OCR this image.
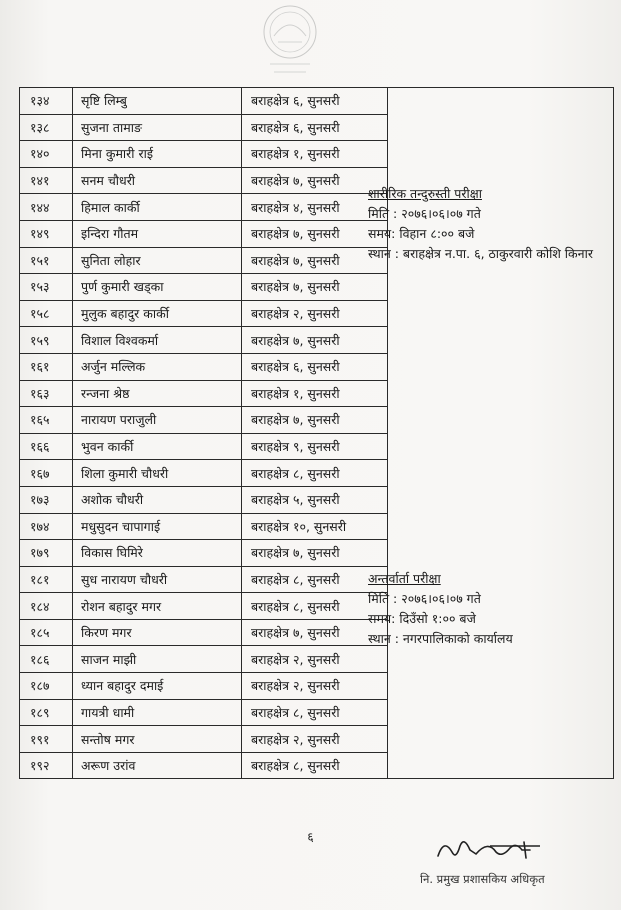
१३४	सृष्टि लिम्बु	बराहक्षेत्र ६, सुनसरी	
१३८	सुजना तामाङ	बराहक्षेत्र ६, सुनसरी	
१४०	मिना कुमारी राई	बराहक्षेत्र १, सुनसरी	
१४१	सनम चौधरी	बराहक्षेत्र ७, सुनसरी	
१४४	हिमाल कार्की	बराहक्षेत्र ४, सुनसरी	
१४९	इन्दिरा गौतम	बराहक्षेत्र ७, सुनसरी	
१५१	सुनिता लोहार	बराहक्षेत्र ७, सुनसरी	
१५३	पुर्ण कुमारी खड्का	बराहक्षेत्र ७, सुनसरी	
१५८	मुलुक बहादुर कार्की	बराहक्षेत्र २, सुनसरी	
१५९	विशाल विश्वकर्मा	बराहक्षेत्र ७, सुनसरी	
१६१	अर्जुन मल्लिक	बराहक्षेत्र ६, सुनसरी	
१६३	रन्जना श्रेष्ठ	बराहक्षेत्र १, सुनसरी	
१६५	नारायण पराजुली	बराहक्षेत्र ७, सुनसरी	
१६६	भुवन कार्की	बराहक्षेत्र ९, सुनसरी	
१६७	शिला कुमारी चौधरी	बराहक्षेत्र ८, सुनसरी	
१७३	अशोक चौधरी	बराहक्षेत्र ५, सुनसरी	
१७४	मधुसुदन चापागाई	बराहक्षेत्र १०, सुनसरी	
१७९	विकास घिमिरे	बराहक्षेत्र ७, सुनसरी	
१८१	सुध नारायण चौधरी	बराहक्षेत्र ८, सुनसरी	
१८४	रोशन बहादुर मगर	बराहक्षेत्र ८, सुनसरी	
१८५	किरण मगर	बराहक्षेत्र ७, सुनसरी	
१८६	साजन माझी	बराहक्षेत्र २, सुनसरी	
१८७	ध्यान बहादुर दमाई	बराहक्षेत्र २, सुनसरी	
१८९	गायत्री धामी	बराहक्षेत्र ८, सुनसरी	
१९१	सन्तोष मगर	बराहक्षेत्र २, सुनसरी	
१९२	अरूण उरांव	बराहक्षेत्र ८, सुनसरी	
शारीरिक तन्दुरुस्ती परीक्षा
मिति : २०७६।०६।०७ गते
समय: विहान ८:०० बजे
स्थान : बराहक्षेत्र न.पा. ६, ठाकुरवारी कोशि किनार
अन्तर्वार्ता परीक्षा
मिति : २०७६।०६।०७ गते
समय: दिउँसो १:०० बजे
स्थान : नगरपालिकाको कार्यालय
६
नि. प्रमुख प्रशासकिय अधिकृत
